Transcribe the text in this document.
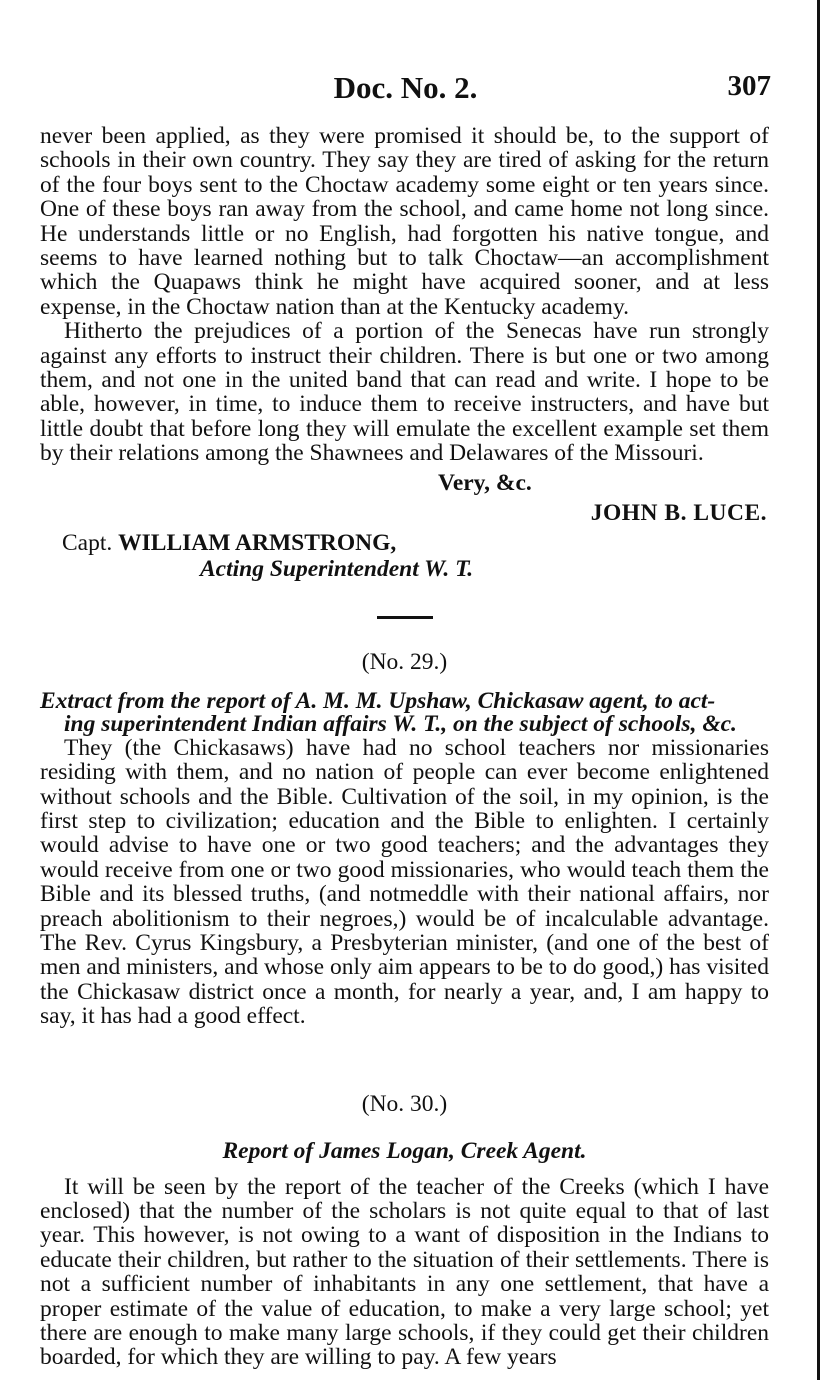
Doc. No. 2.	307

never been applied, as they were promised it should be, to the support of schools in their own country. They say they are tired of asking for the return of the four boys sent to the Choctaw academy some eight or ten years since. One of these boys ran away from the school, and came home not long since. He understands little or no English, had forgotten his native tongue, and seems to have learned nothing but to talk Choctaw—an accomplishment which the Quapaws think he might have acquired sooner, and at less expense, in the Choctaw nation than at the Kentucky academy.

Hitherto the prejudices of a portion of the Senecas have run strongly against any efforts to instruct their children. There is but one or two among them, and not one in the united band that can read and write. I hope to be able, however, in time, to induce them to receive instructers, and have but little doubt that before long they will emulate the excellent example set them by their relations among the Shawnees and Delawares of the Missouri.

Very, &c.
JOHN B. LUCE.
Capt. WILLIAM ARMSTRONG,
Acting Superintendent W. T.
(No. 29.)
Extract from the report of A. M. M. Upshaw, Chickasaw agent, to act-
ing superintendent Indian affairs W. T., on the subject of schools, &c.

They (the Chickasaws) have had no school teachers nor missionaries residing with them, and no nation of people can ever become enlightened without schools and the Bible. Cultivation of the soil, in my opinion, is the first step to civilization; education and the Bible to enlighten. I certainly would advise to have one or two good teachers; and the advantages they would receive from one or two good missionaries, who would teach them the Bible and its blessed truths, (and notmeddle with their national affairs, nor preach abolitionism to their negroes,) would be of incalculable advantage. The Rev. Cyrus Kingsbury, a Presbyterian minister, (and one of the best of men and ministers, and whose only aim appears to be to do good,) has visited the Chickasaw district once a month, for nearly a year, and, I am happy to say, it has had a good effect.

(No. 30.)
Report of James Logan, Creek Agent.

It will be seen by the report of the teacher of the Creeks (which I have enclosed) that the number of the scholars is not quite equal to that of last year. This however, is not owing to a want of disposition in the Indians to educate their children, but rather to the situation of their settlements. There is not a sufficient number of inhabitants in any one settlement, that have a proper estimate of the value of education, to make a very large school; yet there are enough to make many large schools, if they could get their children boarded, for which they are willing to pay. A few years
